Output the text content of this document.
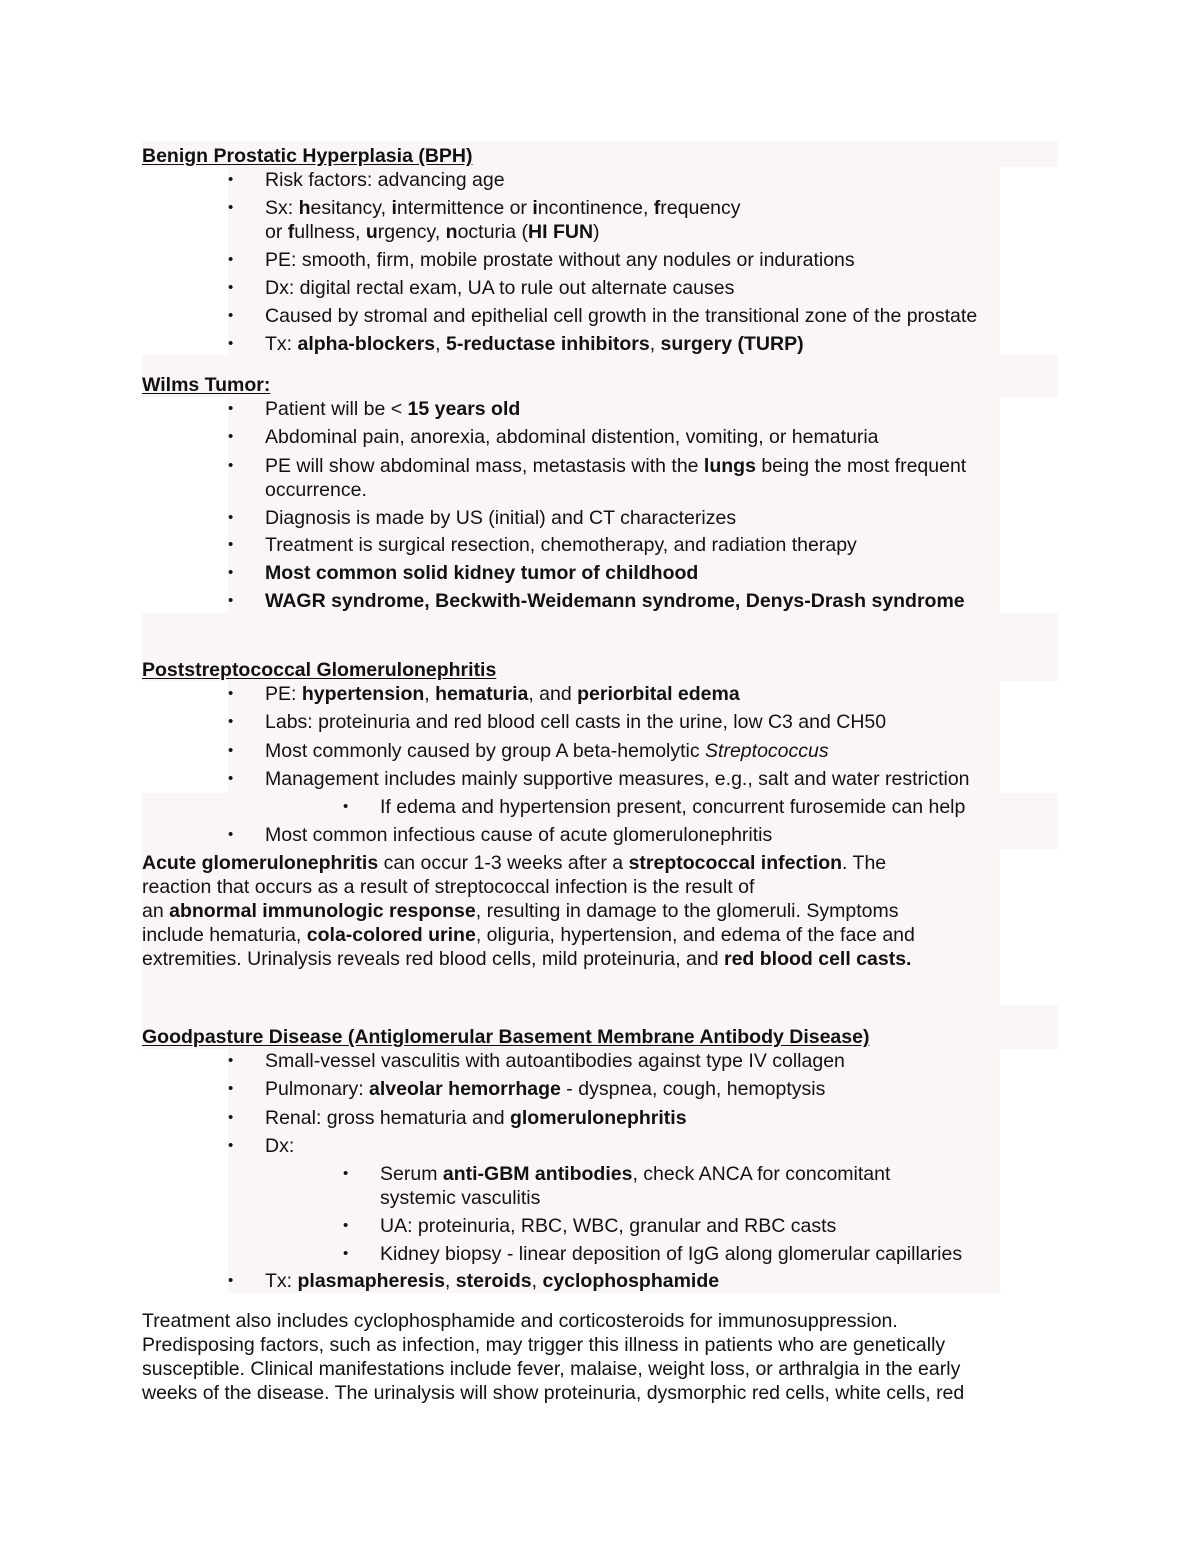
Benign Prostatic Hyperplasia (BPH)
• Risk factors: advancing age
• Sx: hesitancy, intermittence or incontinence, frequency
or fullness, urgency, nocturia (HI FUN)
• PE: smooth, firm, mobile prostate without any nodules or indurations
• Dx: digital rectal exam, UA to rule out alternate causes
• Caused by stromal and epithelial cell growth in the transitional zone of the prostate
• Tx: alpha-blockers, 5-reductase inhibitors, surgery (TURP)
Wilms Tumor:
• Patient will be < 15 years old
• Abdominal pain, anorexia, abdominal distention, vomiting, or hematuria
• PE will show abdominal mass, metastasis with the lungs being the most frequent
occurrence.
• Diagnosis is made by US (initial) and CT characterizes
• Treatment is surgical resection, chemotherapy, and radiation therapy
• Most common solid kidney tumor of childhood
• WAGR syndrome, Beckwith-Weidemann syndrome, Denys-Drash syndrome
Poststreptococcal Glomerulonephritis
• PE: hypertension, hematuria, and periorbital edema
• Labs: proteinuria and red blood cell casts in the urine, low C3 and CH50
• Most commonly caused by group A beta-hemolytic Streptococcus
• Management includes mainly supportive measures, e.g., salt and water restriction
• If edema and hypertension present, concurrent furosemide can help
• Most common infectious cause of acute glomerulonephritis
Acute glomerulonephritis can occur 1-3 weeks after a streptococcal infection. The
reaction that occurs as a result of streptococcal infection is the result of
an abnormal immunologic response, resulting in damage to the glomeruli. Symptoms
include hematuria, cola-colored urine, oliguria, hypertension, and edema of the face and
extremities. Urinalysis reveals red blood cells, mild proteinuria, and red blood cell casts.
Goodpasture Disease (Antiglomerular Basement Membrane Antibody Disease)
• Small-vessel vasculitis with autoantibodies against type IV collagen
• Pulmonary: alveolar hemorrhage - dyspnea, cough, hemoptysis
• Renal: gross hematuria and glomerulonephritis
• Dx:
• Serum anti-GBM antibodies, check ANCA for concomitant
systemic vasculitis
• UA: proteinuria, RBC, WBC, granular and RBC casts
• Kidney biopsy - linear deposition of IgG along glomerular capillaries
• Tx: plasmapheresis, steroids, cyclophosphamide
Treatment also includes cyclophosphamide and corticosteroids for immunosuppression.
Predisposing factors, such as infection, may trigger this illness in patients who are genetically
susceptible. Clinical manifestations include fever, malaise, weight loss, or arthralgia in the early
weeks of the disease. The urinalysis will show proteinuria, dysmorphic red cells, white cells, red
